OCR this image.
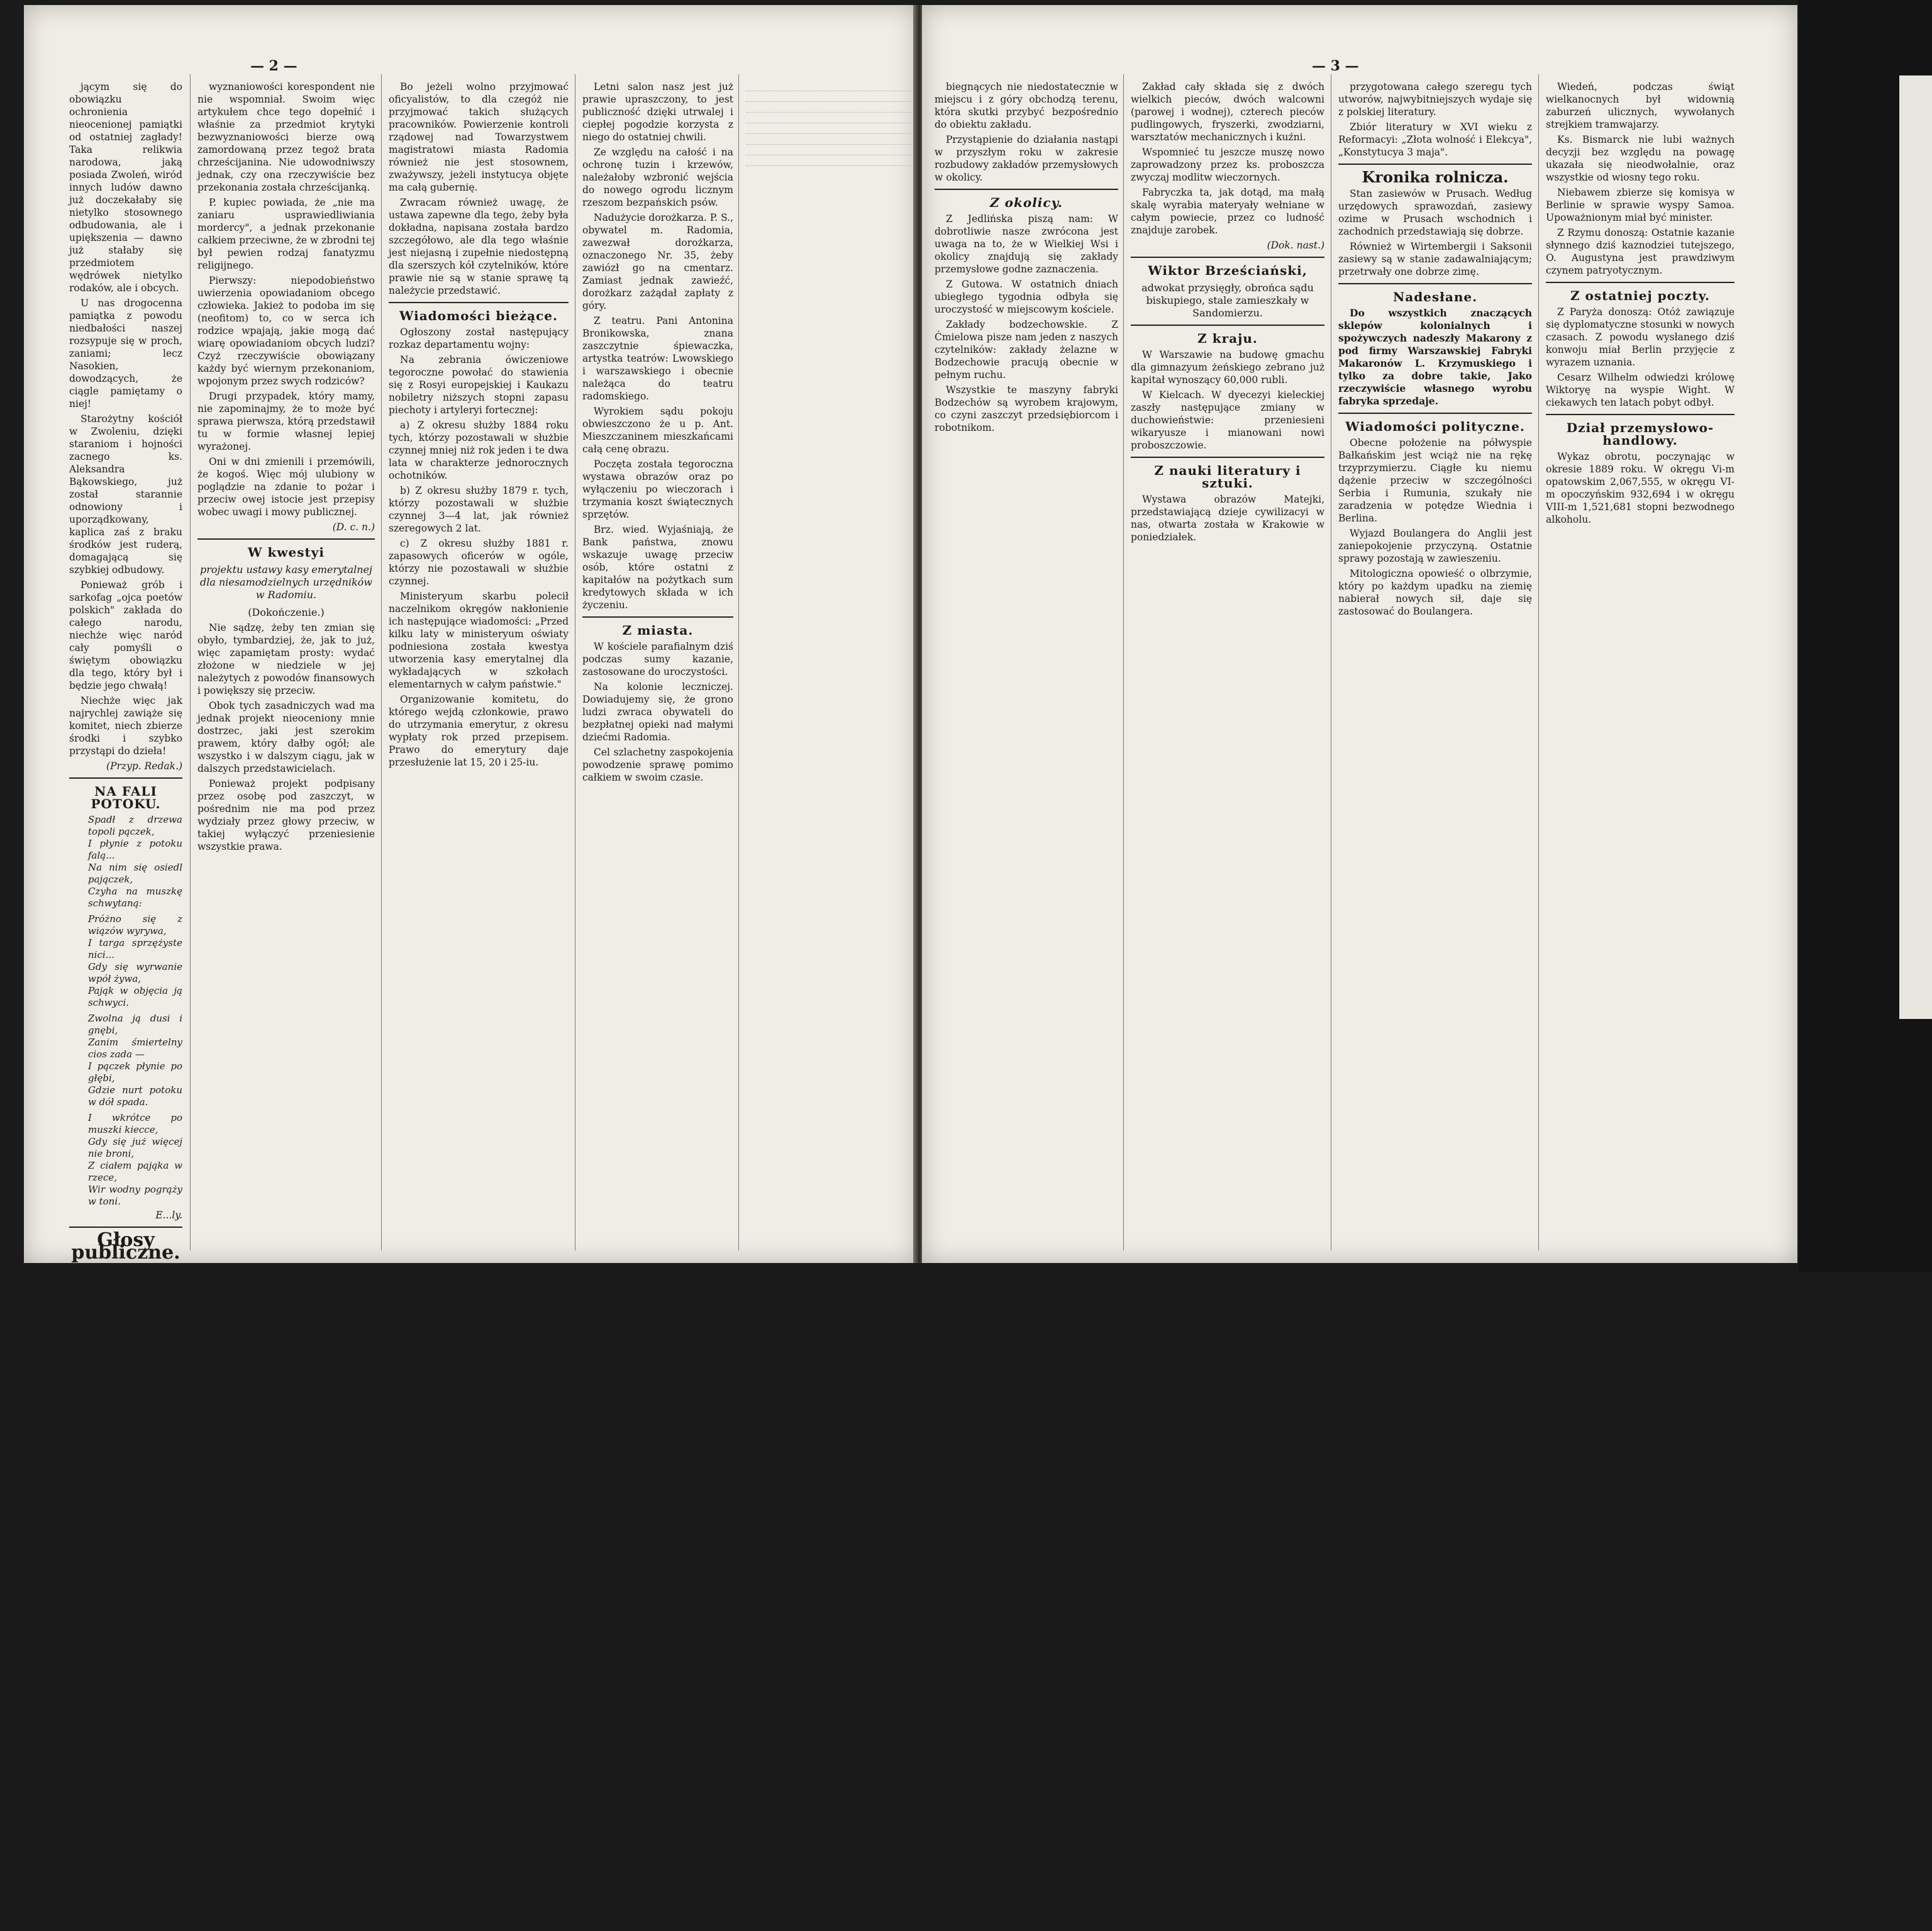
— 2 —

jącym się do obowiązku ochronienia nieocenionej pamiątki od ostatniej zagłady! Taka relikwia narodowa, jaką posiada Zwoleń, wiród innych ludów dawno już doczekałaby się nietylko stosownego odbudowania, ale i upiększenia — dawno już stałaby się przedmiotem wędrówek nietylko rodaków, ale i obcych.

U nas drogocenna pamiątka z powodu niedbałości naszej rozsypuje się w proch, zaniami; lecz Nasokien, dowodzących, że ciągle pamiętamy o niej!

Starożytny kościół w Zwoleniu, dzięki staraniom i hojności zacnego ks. Aleksandra Bąkowskiego, już został starannie odnowiony i uporządkowany, kaplica zaś z braku środków jest ruderą, domagającą się szybkiej odbudowy.

Ponieważ grób i sarkofag „ojca poetów polskich" zakłada do całego narodu, niechże więc naród cały pomyśli o świętym obowiązku dla tego, który był i będzie jego chwałą!

Niechże więc jak najrychlej zawiąże się komitet, niech zbierze środki i szybko przystąpi do dzieła!

(Przyp. Redak.)
NA FALI POTOKU.
Spadł z drzewa topoli pączek,
I płynie z potoku falą...
Na nim się osiedl pajączek,
Czyha na muszkę schwytaną:
Próżno się z wiązów wyrywa,
I targa sprzężyste nici...
Gdy się wyrwanie wpół żywa,
Pająk w objęcia ją schwyci.
Zwolna ją dusi i gnębi,
Zanim śmiertelny cios zada —
I pączek płynie po głębi,
Gdzie nurt potoku w dół spada.
I wkrótce po muszki kiecce,
Gdy się już więcej nie broni,
Z ciałem pająka w rzece,
Wir wodny pogrąży w toni.
E...ly.
Głosy publiczne.
XXVI.
Z Polańca w pow. sandomierskim.

Audiatur et altera pars. (Należy przesłuchać i drugą stronę.) Zasady tej wymaga prawo przy rozpoznaniu sprawy sądowej i do wydania sprawiedliwego wyroku. Dla tejże samej zasady i ja obecnie chcę pióro ująć, aby w sprawie rozwiniętej w artykule, pomieszczonym w „Głosach publicznych" „Gaz. Radom." r. b. Czytelnicy wyczytali tam jedno zdanie przeciw p. kupca.

Czy tak jest, zobaczymy, idąc w ślad za wypowiedzianymi w artykule. Pan kupiec przytacza tam przypadki w których ludzie, kiedy czego chcą to umieją i bez wiedzy bez zasad, zachowując przyzwoitość, z chrześcijańską religią jest lepszą od jego wyznania, jak z przyczyn ludzkich.

Bezwyznaniowość ma być punktem wyjścia dla p. kupca w jego artykule. Korespondent z Kozienic w Nr. 87 „Gazety Radomskiej" r. b. wspomina, iż fanatyzm i bezwyznaniowość są dwie ostateczności; chodzi o to, który z nich jest prawdziwy.

wyznaniowości korespondent nie nie wspomniał. Swoim więc artykułem chce tego dopełnić i właśnie za przedmiot krytyki bezwyznaniowości bierze ową zamordowaną przez tegoż brata chrześcijanina. Nie udowodniwszy jednak, czy ona rzeczywiście bez przekonania została chrześcijanką.

P. kupiec powiada, że „nie ma zaniaru usprawiedliwiania mordercy", a jednak przekonanie całkiem przeciwne, że w zbrodni tej był pewien rodzaj fanatyzmu religijnego.

Pierwszy: niepodobieństwo uwierzenia opowiadaniom obcego człowieka. Jakież to podoba im się (neofitom) to, co w serca ich rodzice wpajają, jakie mogą dać wiarę opowiadaniom obcych ludzi? Czyż rzeczywiście obowiązany każdy być wiernym przekonaniom, wpojonym przez swych rodziców?

Drugi przypadek, który mamy, nie zapominajmy, że to może być sprawa pierwsza, którą przedstawił tu w formie własnej lepiej wyrażonej.

Oni w dni zmienili i przemówili, że kogoś. Więc mój ulubiony w poglądzie na zdanie to pożar i przeciw owej istocie jest przepisy wobec uwagi i mowy publicznej.

(D. c. n.)
W kwestyi
projektu ustawy kasy emerytalnej dla niesamodzielnych urzędników w Radomiu.
(Dokończenie.)

Nie sądzę, żeby ten zmian się obyło, tymbardziej, że, jak to już, więc zapamiętam prosty: wydać złożone w niedziele w jej należytych z powodów finansowych i powiększy się przeciw.

Obok tych zasadniczych wad ma jednak projekt nieoceniony mnie dostrzec, jaki jest szerokim prawem, który dałby ogół; ale wszystko i w dalszym ciągu, jak w dalszych przedstawicielach.

Ponieważ projekt podpisany przez osobę pod zaszczyt, w pośrednim nie ma pod przez wydziały przez głowy przeciw, w takiej wyłączyć przeniesienie wszystkie prawa.

Bo jeżeli wolno przyjmować oficyalistów, to dla czegóż nie przyjmować takich służących pracowników. Powierzenie kontroli rządowej nad Towarzystwem magistratowi miasta Radomia również nie jest stosownem, zważywszy, jeżeli instytucya objęte ma całą gubernię.

Zwracam również uwagę, że ustawa zapewne dla tego, żeby była dokładna, napisana została bardzo szczegółowo, ale dla tego właśnie jest niejasną i zupełnie niedostępną dla szerszych kół czytelników, które prawie nie są w stanie sprawę tą należycie przedstawić.

Wiadomości bieżące.

Ogłoszony został następujący rozkaz departamentu wojny:

Na zebrania ówiczeniowe tegoroczne powołać do stawienia się z Rosyi europejskiej i Kaukazu nobiletry niższych stopni zapasu piechoty i artyleryi fortecznej:

a) Z okresu służby 1884 roku tych, którzy pozostawali w służbie czynnej mniej niż rok jeden i te dwa lata w charakterze jednorocznych ochotników.

b) Z okresu służby 1879 r. tych, którzy pozostawali w służbie czynnej 3—4 lat, jak również szeregowych 2 lat.

c) Z okresu służby 1881 r. zapasowych oficerów w ogóle, którzy nie pozostawali w służbie czynnej.

Ministeryum skarbu polecił naczelnikom okręgów nakłonienie ich następujące wiadomości: „Przed kilku laty w ministeryum oświaty podniesiona została kwestya utworzenia kasy emerytalnej dla wykładających w szkołach elementarnych w całym państwie."

Organizowanie komitetu, do którego wejdą członkowie, prawo do utrzymania emerytur, z okresu wypłaty rok przed przepisem. Prawo do emerytury daje przesłużenie lat 15, 20 i 25-iu.

Letni salon nasz jest już prawie upraszczony, to jest publiczność dzięki utrwalej i ciepłej pogodzie korzysta z niego do ostatniej chwili.

Ze względu na całość i na ochronę tuzin i krzewów, należałoby wzbronić wejścia do nowego ogrodu licznym rzeszom bezpańskich psów.

Nadużycie dorożkarza. P. S., obywatel m. Radomia, zawezwał dorożkarza, oznaczonego Nr. 35, żeby zawiózł go na cmentarz. Zamiast jednak zawieźć, dorożkarz zażądał zapłaty z góry.

Z teatru. Pani Antonina Bronikowska, znana zaszczytnie śpiewaczka, artystka teatrów: Lwowskiego i warszawskiego i obecnie należąca do teatru radomskiego.

Wyrokiem sądu pokoju obwieszczono że u p. Ant. Mieszczaninem mieszkańcami całą cenę obrazu.

Poczęta została tegoroczna wystawa obrazów oraz po wyłączeniu po wieczorach i trzymania koszt świątecznych sprzętów.

Brz. wied. Wyjaśniają, że Bank państwa, znowu wskazuje uwagę przeciw osób, które ostatni z kapitałów na pożytkach sum kredytowych składa w ich życzeniu.

Z miasta.

W kościele parafialnym dziś podczas sumy kazanie, zastosowane do uroczystości.

Na kolonie leczniczej. Dowiadujemy się, że grono ludzi zwraca obywateli do bezpłatnej opieki nad małymi dziećmi Radomia.

Cel szlachetny zaspokojenia powodzenie sprawę pomimo całkiem w swoim czasie.

— 3 —

biegnących nie niedostatecznie w miejscu i z góry obchodzą terenu, która skutki przybyć bezpośrednio do obiektu zakładu.

Przystąpienie do działania nastąpi w przyszłym roku w zakresie rozbudowy zakładów przemysłowych w okolicy.

Z okolicy.

Z Jedlińska piszą nam: W dobrotliwie nasze zwrócona jest uwaga na to, że w Wielkiej Wsi i okolicy znajdują się zakłady przemysłowe godne zaznaczenia.

Z Gutowa. W ostatnich dniach ubiegłego tygodnia odbyła się uroczystość w miejscowym kościele.

Zakłady bodzechowskie. Z Ćmielowa pisze nam jeden z naszych czytelników: zakłady żelazne w Bodzechowie pracują obecnie w pełnym ruchu.

Wszystkie te maszyny fabryki Bodzechów są wyrobem krajowym, co czyni zaszczyt przedsiębiorcom i robotnikom.

Zakład cały składa się z dwóch wielkich pieców, dwóch walcowni (parowej i wodnej), czterech pieców pudlingowych, fryszerki, zwodziarni, warsztatów mechanicznych i kuźni.

Wspomnieć tu jeszcze muszę nowo zaprowadzony przez ks. proboszcza zwyczaj modlitw wieczornych.

Fabryczka ta, jak dotąd, ma małą skalę wyrabia materyały wełniane w całym powiecie, przez co ludność znajduje zarobek.

(Dok. nast.)
Wiktor Brześciański,
adwokat przysięgły, obrońca sądu biskupiego, stale zamieszkały w Sandomierzu.
Z kraju.

W Warszawie na budowę gmachu dla gimnazyum żeńskiego zebrano już kapitał wynoszący 60,000 rubli.

W Kielcach. W dyecezyi kieleckiej zaszły następujące zmiany w duchowieństwie: przeniesieni wikaryusze i mianowani nowi proboszczowie.

Z nauki literatury i sztuki.

Wystawa obrazów Matejki, przedstawiającą dzieje cywilizacyi w nas, otwarta została w Krakowie w poniedziałek.

przygotowana całego szeregu tych utworów, najwybitniejszych wydaje się z polskiej literatury.

Zbiór literatury w XVI wieku z Reformacyi: „Złota wolność i Elekcya", „Konstytucya 3 maja".

Kronika rolnicza.

Stan zasiewów w Prusach. Według urzędowych sprawozdań, zasiewy ozime w Prusach wschodnich i zachodnich przedstawiają się dobrze.

Również w Wirtembergii i Saksonii zasiewy są w stanie zadawalniającym; przetrwały one dobrze zimę.

Nadesłane.

Do wszystkich znaczących sklepów kolonialnych i spożywczych nadeszły Makarony z pod firmy Warszawskiej Fabryki Makaronów L. Krzymuskiego i tylko za dobre takie, Jako rzeczywiście własnego wyrobu fabryka sprzedaje.

Wiadomości polityczne.

Obecne położenie na półwyspie Bałkańskim jest wciąż nie na rękę trzyprzymierzu. Ciągłe ku niemu dążenie przeciw w szczególności Serbia i Rumunia, szukały nie zaradzenia w potędze Wiednia i Berlina.

Wyjazd Boulangera do Anglii jest zaniepokojenie przyczyną. Ostatnie sprawy pozostają w zawieszeniu.

Mitologiczna opowieść o olbrzymie, który po każdym upadku na ziemię nabierał nowych sił, daje się zastosować do Boulangera.

Wiedeń, podczas świąt wielkanocnych był widownią zaburzeń ulicznych, wywołanych strejkiem tramwajarzy.

Ks. Bismarck nie lubi ważnych decyzji bez względu na powagę ukazała się nieodwołalnie, oraz wszystkie od wiosny tego roku.

Niebawem zbierze się komisya w Berlinie w sprawie wyspy Samoa. Upoważnionym miał być minister.

Z Rzymu donoszą: Ostatnie kazanie słynnego dziś kaznodziei tutejszego, O. Augustyna jest prawdziwym czynem patryotycznym.

Z ostatniej poczty.

Z Paryża donoszą: Otóż zawiązuje się dyplomatyczne stosunki w nowych czasach. Z powodu wysłanego dziś konwoju miał Berlin przyjęcie z wyrazem uznania.

Cesarz Wilhelm odwiedzi królowę Wiktoryę na wyspie Wight. W ciekawych ten latach pobyt odbył.

Dział przemysłowo-handlowy.

Wykaz obrotu, poczynając w okresie 1889 roku. W okręgu Vi-m opatowskim 2,067,555, w okręgu VI-m opoczyńskim 932,694 i w okręgu VIII-m 1,521,681 stopni bezwodnego alkoholu.
